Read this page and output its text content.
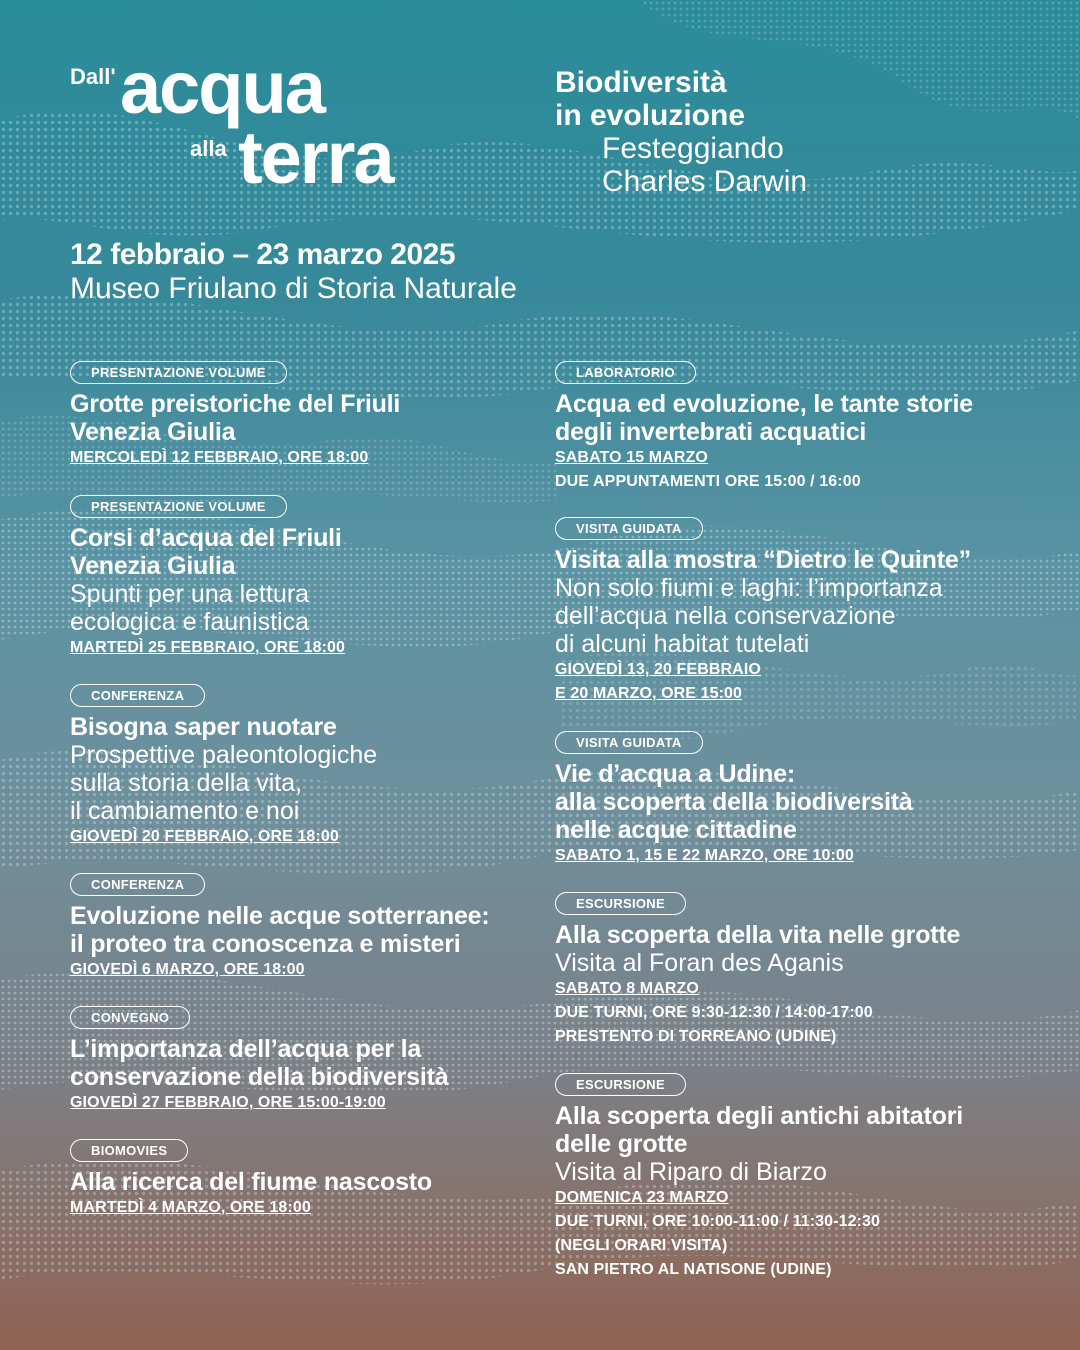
Dall' acqua
alla terra
Biodiversità
in evoluzione
Festeggiando
Charles Darwin
12 febbraio – 23 marzo 2025
Museo Friulano di Storia Naturale
PRESENTAZIONE VOLUME
Grotte preistoriche del Friuli
Venezia Giulia
MERCOLEDÌ 12 FEBBRAIO, ORE 18:00
PRESENTAZIONE VOLUME
Corsi d’acqua del Friuli
Venezia Giulia
Spunti per una lettura
ecologica e faunistica
MARTEDÌ 25 FEBBRAIO, ORE 18:00
CONFERENZA
Bisogna saper nuotare
Prospettive paleontologiche
sulla storia della vita,
il cambiamento e noi
GIOVEDÌ 20 FEBBRAIO, ORE 18:00
CONFERENZA
Evoluzione nelle acque sotterranee:
il proteo tra conoscenza e misteri
GIOVEDÌ 6 MARZO, ORE 18:00
CONVEGNO
L’importanza dell’acqua per la
conservazione della biodiversità
GIOVEDÌ 27 FEBBRAIO, ORE 15:00-19:00
BIOMOVIES
Alla ricerca del fiume nascosto
MARTEDÌ 4 MARZO, ORE 18:00
LABORATORIO
Acqua ed evoluzione, le tante storie
degli invertebrati acquatici
SABATO 15 MARZO
DUE APPUNTAMENTI ORE 15:00 / 16:00
VISITA GUIDATA
Visita alla mostra “Dietro le Quinte”
Non solo fiumi e laghi: l’importanza
dell’acqua nella conservazione
di alcuni habitat tutelati
GIOVEDÌ 13, 20 FEBBRAIO
E 20 MARZO, ORE 15:00
VISITA GUIDATA
Vie d’acqua a Udine:
alla scoperta della biodiversità
nelle acque cittadine
SABATO 1, 15 E 22 MARZO, ORE 10:00
ESCURSIONE
Alla scoperta della vita nelle grotte
Visita al Foran des Aganis
SABATO 8 MARZO
DUE TURNI, ORE 9:30-12:30 / 14:00-17:00
PRESTENTO DI TORREANO (UDINE)
ESCURSIONE
Alla scoperta degli antichi abitatori
delle grotte
Visita al Riparo di Biarzo
DOMENICA 23 MARZO
DUE TURNI, ORE 10:00-11:00 / 11:30-12:30
(NEGLI ORARI VISITA)
SAN PIETRO AL NATISONE (UDINE)
